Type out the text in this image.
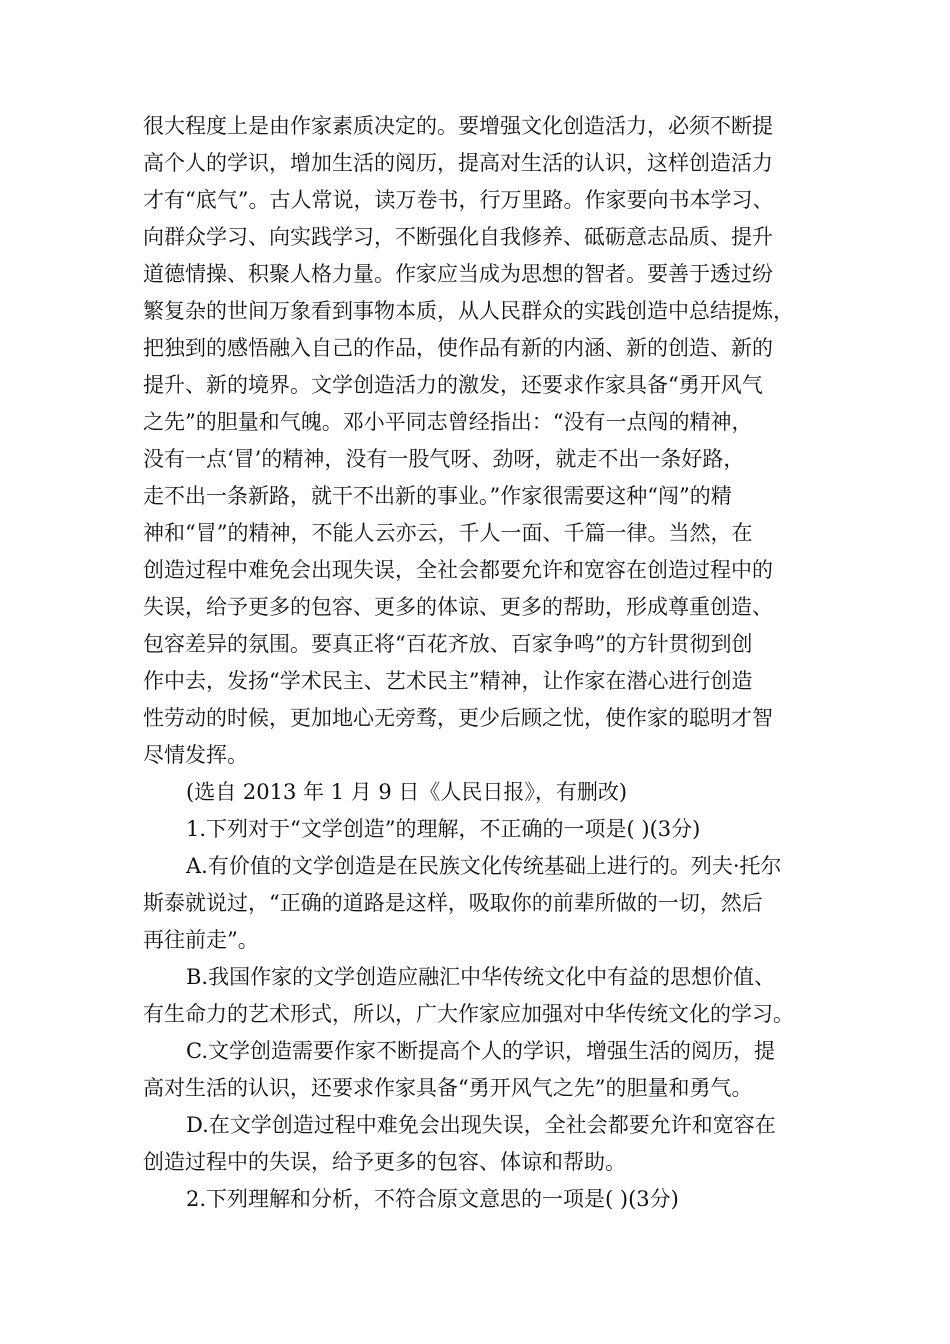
很大程度上是由作家素质决定的。要增强文化创造活力，必须不断提
高个人的学识，增加生活的阅历，提高对生活的认识，这样创造活力
才有“底气”。古人常说，读万卷书，行万里路。作家要向书本学习、
向群众学习、向实践学习，不断强化自我修养、砥砺意志品质、提升
道德情操、积聚人格力量。作家应当成为思想的智者。要善于透过纷
繁复杂的世间万象看到事物本质，从人民群众的实践创造中总结提炼，
把独到的感悟融入自己的作品，使作品有新的内涵、新的创造、新的
提升、新的境界。文学创造活力的激发，还要求作家具备“勇开风气
之先”的胆量和气魄。邓小平同志曾经指出：“没有一点闯的精神，
没有一点‘冒’的精神，没有一股气呀、劲呀，就走不出一条好路，
走不出一条新路，就干不出新的事业。”作家很需要这种“闯”的精
神和“冒”的精神，不能人云亦云，千人一面、千篇一律。当然，在
创造过程中难免会出现失误，全社会都要允许和宽容在创造过程中的
失误，给予更多的包容、更多的体谅、更多的帮助，形成尊重创造、
包容差异的氛围。要真正将“百花齐放、百家争鸣”的方针贯彻到创
作中去，发扬“学术民主、艺术民主”精神，让作家在潜心进行创造
性劳动的时候，更加地心无旁骛，更少后顾之忧，使作家的聪明才智
尽情发挥。
(选自 2013 年 1 月 9 日《人民日报》，有删改)
1.下列对于“文学创造”的理解，不正确的一项是( )(3分)
A.有价值的文学创造是在民族文化传统基础上进行的。列夫·托尔
斯泰就说过，“正确的道路是这样，吸取你的前辈所做的一切，然后
再往前走”。
B.我国作家的文学创造应融汇中华传统文化中有益的思想价值、
有生命力的艺术形式，所以，广大作家应加强对中华传统文化的学习。
C.文学创造需要作家不断提高个人的学识，增强生活的阅历，提
高对生活的认识，还要求作家具备“勇开风气之先”的胆量和勇气。
D.在文学创造过程中难免会出现失误，全社会都要允许和宽容在
创造过程中的失误，给予更多的包容、体谅和帮助。
2.下列理解和分析，不符合原文意思的一项是( )(3分)
